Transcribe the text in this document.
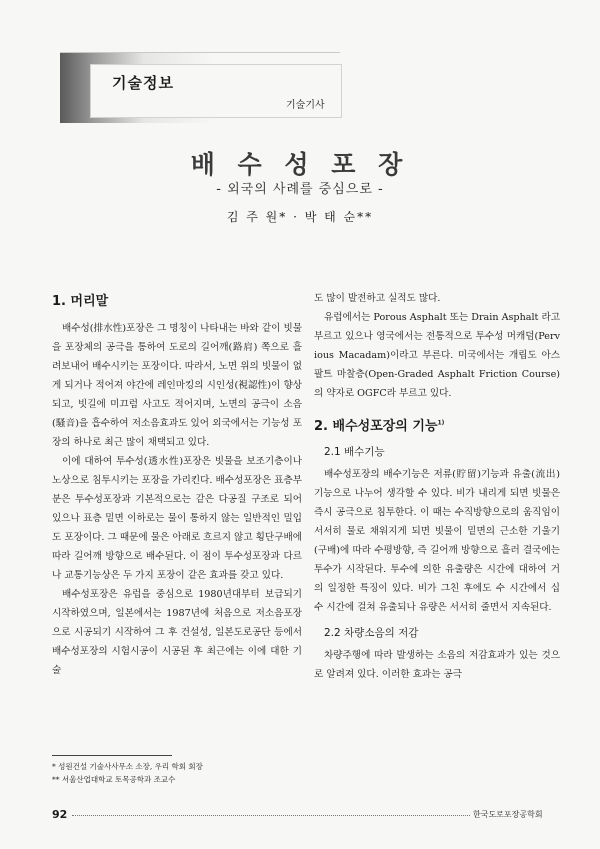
기술정보
기술기사
배 수 성 포 장
- 외국의 사례를 중심으로 -
김 주 원* · 박 태 순**
1. 머리말

배수성(排水性)포장은 그 명칭이 나타내는 바와 같이 빗물을 포장체의 공극을 통하여 도로의 길어깨(路肩) 쪽으로 흘려보내어 배수시키는 포장이다. 따라서, 노면 위의 빗물이 없게 되거나 적어져 야간에 레인마킹의 시인성(視認性)이 향상되고, 빗길에 미끄럼 사고도 적어지며, 노면의 공극이 소음(騷音)을 흡수하여 저소음효과도 있어 외국에서는 기능성 포장의 하나로 최근 많이 채택되고 있다.

이에 대하여 투수성(透水性)포장은 빗물을 보조기층이나 노상으로 침투시키는 포장을 가리킨다. 배수성포장은 표층부분은 투수성포장과 기본적으로는 같은 다공질 구조로 되어 있으나 표층 밑면 이하로는 물이 통하지 않는 일반적인 밀입도 포장이다. 그 때문에 물은 아래로 흐르지 않고 횡단구배에 따라 길어깨 방향으로 배수된다. 이 점이 투수성포장과 다르나 교통기능상은 두 가지 포장이 같은 효과를 갖고 있다.

배수성포장은 유럽을 중심으로 1980년대부터 보급되기 시작하였으며, 일본에서는 1987년에 처음으로 저소음포장으로 시공되기 시작하여 그 후 건설성, 일본도로공단 등에서 배수성포장의 시험시공이 시공된 후 최근에는 이에 대한 기술

도 많이 발전하고 실적도 많다.

유럽에서는 Porous Asphalt 또는 Drain Asphalt 라고 부르고 있으나 영국에서는 전통적으로 투수성 머캐덤(Pervious Macadam)이라고 부른다. 미국에서는 개립도 아스팔트 마찰층(Open-Graded Asphalt Friction Course)의 약자로 OGFC라 부르고 있다.

2. 배수성포장의 기능$^{1)}$
2.1 배수기능

배수성포장의 배수기능은 저류(貯留)기능과 유출(流出)기능으로 나누어 생각할 수 있다. 비가 내리게 되면 빗물은 즉시 공극으로 침투한다. 이 때는 수직방향으로의 움직임이 서서히 물로 채워지게 되면 빗물이 밑면의 근소한 기울기(구배)에 따라 수평방향, 즉 길어깨 방향으로 흘러 결국에는 투수가 시작된다. 투수에 의한 유출량은 시간에 대하여 거의 일정한 특징이 있다. 비가 그친 후에도 수 시간에서 십 수 시간에 걸쳐 유출되나 유량은 서서히 줄면서 지속된다.

2.2 차량소음의 저감

차량주행에 따라 발생하는 소음의 저감효과가 있는 것으로 알려져 있다. 이러한 효과는 공극

* 성원건설 기술사사무소 소장, 우리 학회 회장
** 서울산업대학교 토목공학과 조교수
92	한국도로포장공학회
